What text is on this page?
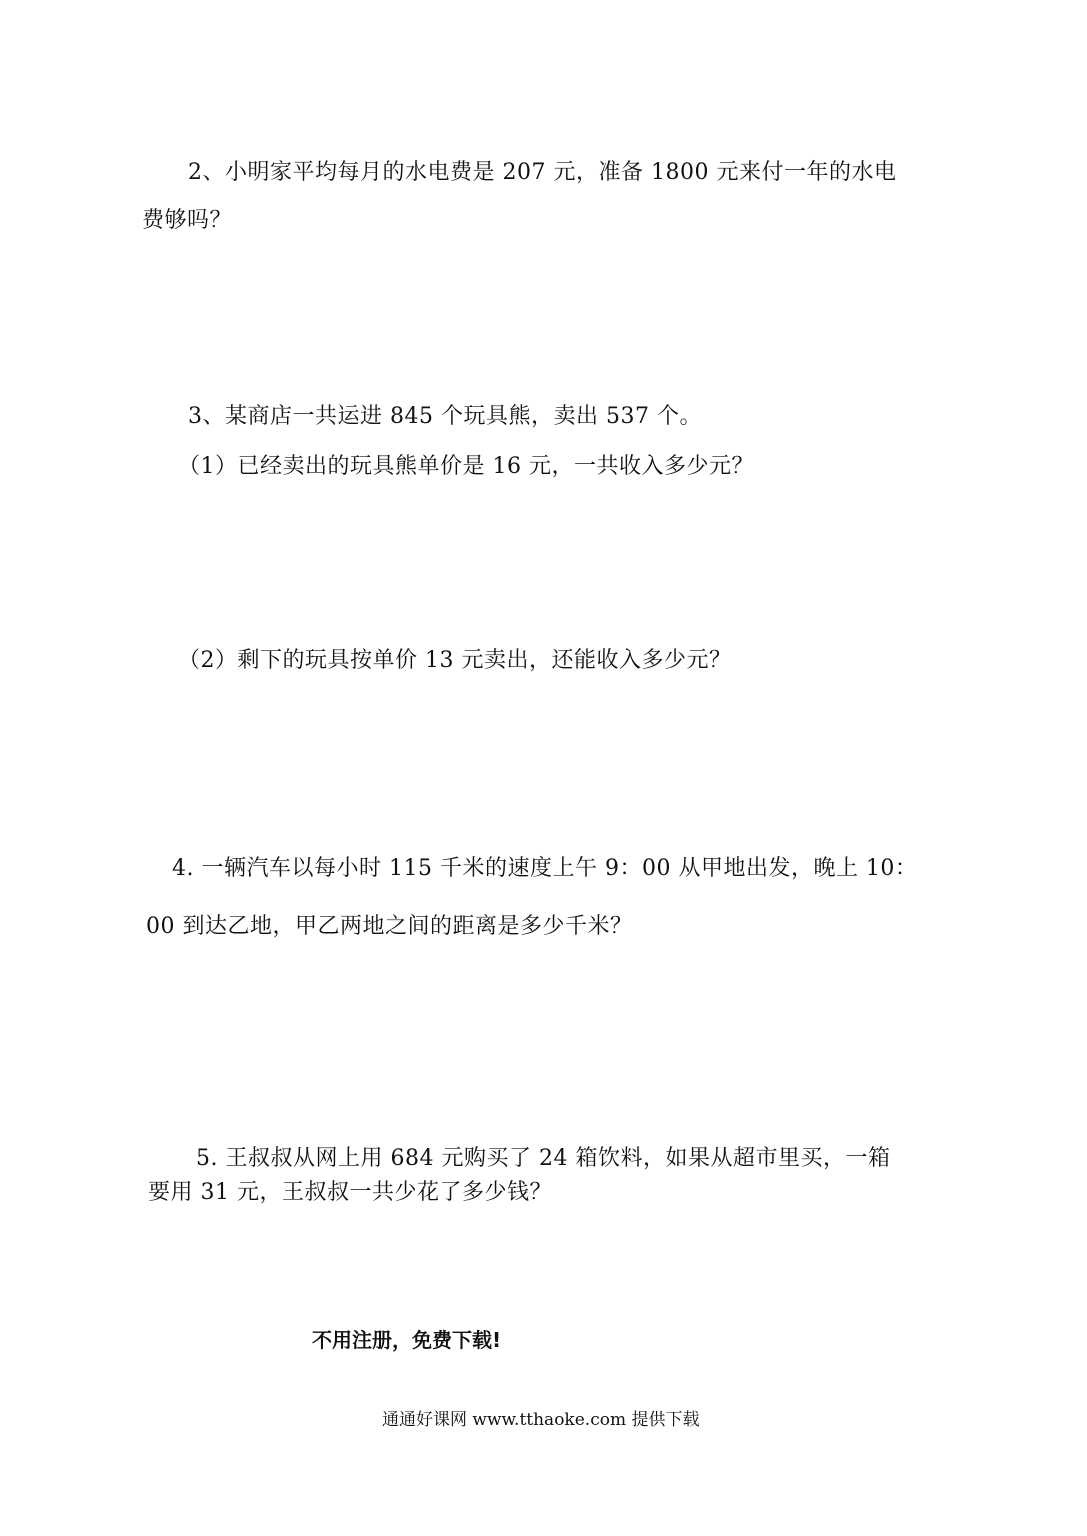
2、小明家平均每月的水电费是 207 元，准备 1800 元来付一年的水电
费够吗？
3、某商店一共运进 845 个玩具熊，卖出 537 个。
（1）已经卖出的玩具熊单价是 16 元，一共收入多少元？
（2）剩下的玩具按单价 13 元卖出，还能收入多少元？
4. 一辆汽车以每小时 115 千米的速度上午 9：00 从甲地出发，晚上 10：
00 到达乙地，甲乙两地之间的距离是多少千米？
5. 王叔叔从网上用 684 元购买了 24 箱饮料，如果从超市里买，一箱
要用 31 元，王叔叔一共少花了多少钱？
不用注册，免费下载!
通通好课网 www.tthaoke.com 提供下载
